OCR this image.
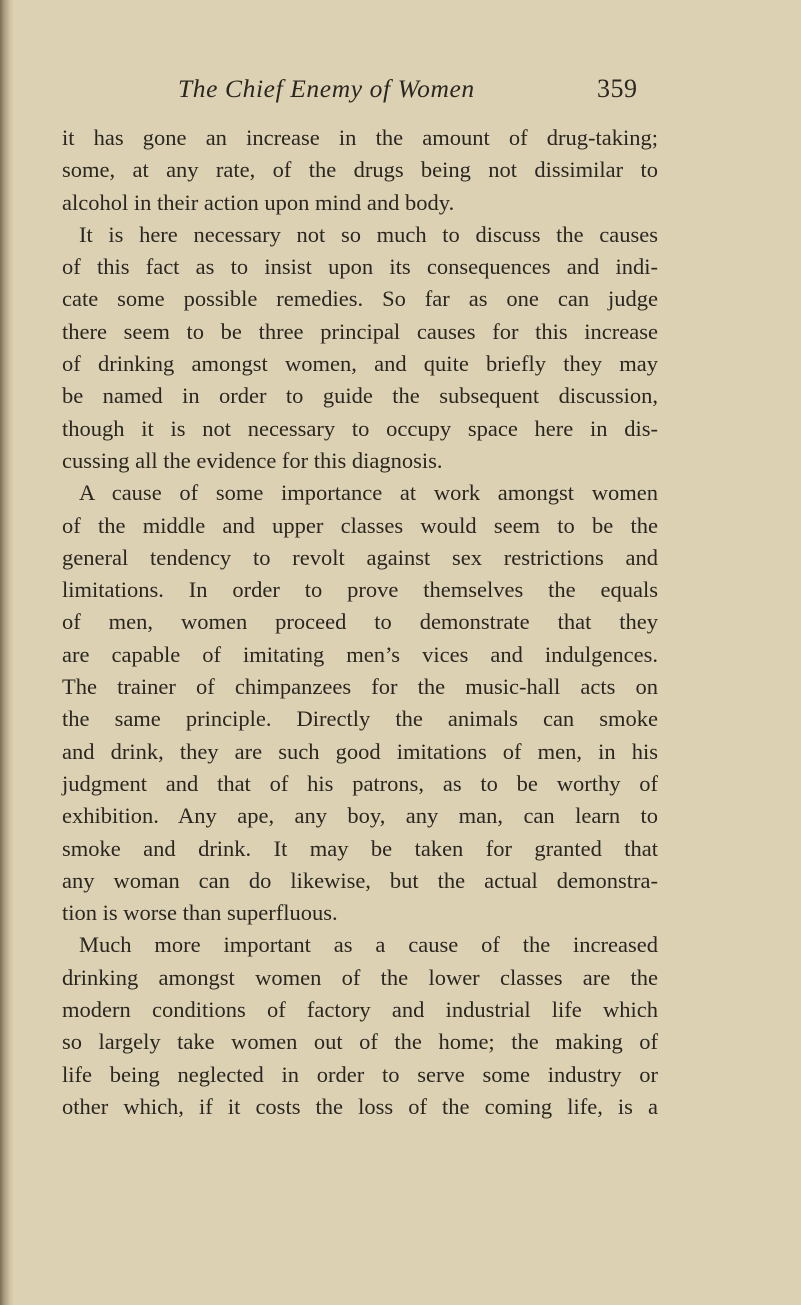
The Chief Enemy of Women	359
it has gone an increase in the amount of drug-taking;
some, at any rate, of the drugs being not dissimilar to
alcohol in their action upon mind and body.
It is here necessary not so much to discuss the causes
of this fact as to insist upon its consequences and indi-
cate some possible remedies. So far as one can judge
there seem to be three principal causes for this increase
of drinking amongst women, and quite briefly they may
be named in order to guide the subsequent discussion,
though it is not necessary to occupy space here in dis-
cussing all the evidence for this diagnosis.
A cause of some importance at work amongst women
of the middle and upper classes would seem to be the
general tendency to revolt against sex restrictions and
limitations. In order to prove themselves the equals
of men, women proceed to demonstrate that they
are capable of imitating men’s vices and indulgences.
The trainer of chimpanzees for the music-hall acts on
the same principle. Directly the animals can smoke
and drink, they are such good imitations of men, in his
judgment and that of his patrons, as to be worthy of
exhibition. Any ape, any boy, any man, can learn to
smoke and drink. It may be taken for granted that
any woman can do likewise, but the actual demonstra-
tion is worse than superfluous.
Much more important as a cause of the increased
drinking amongst women of the lower classes are the
modern conditions of factory and industrial life which
so largely take women out of the home; the making of
life being neglected in order to serve some industry or
other which, if it costs the loss of the coming life, is a
